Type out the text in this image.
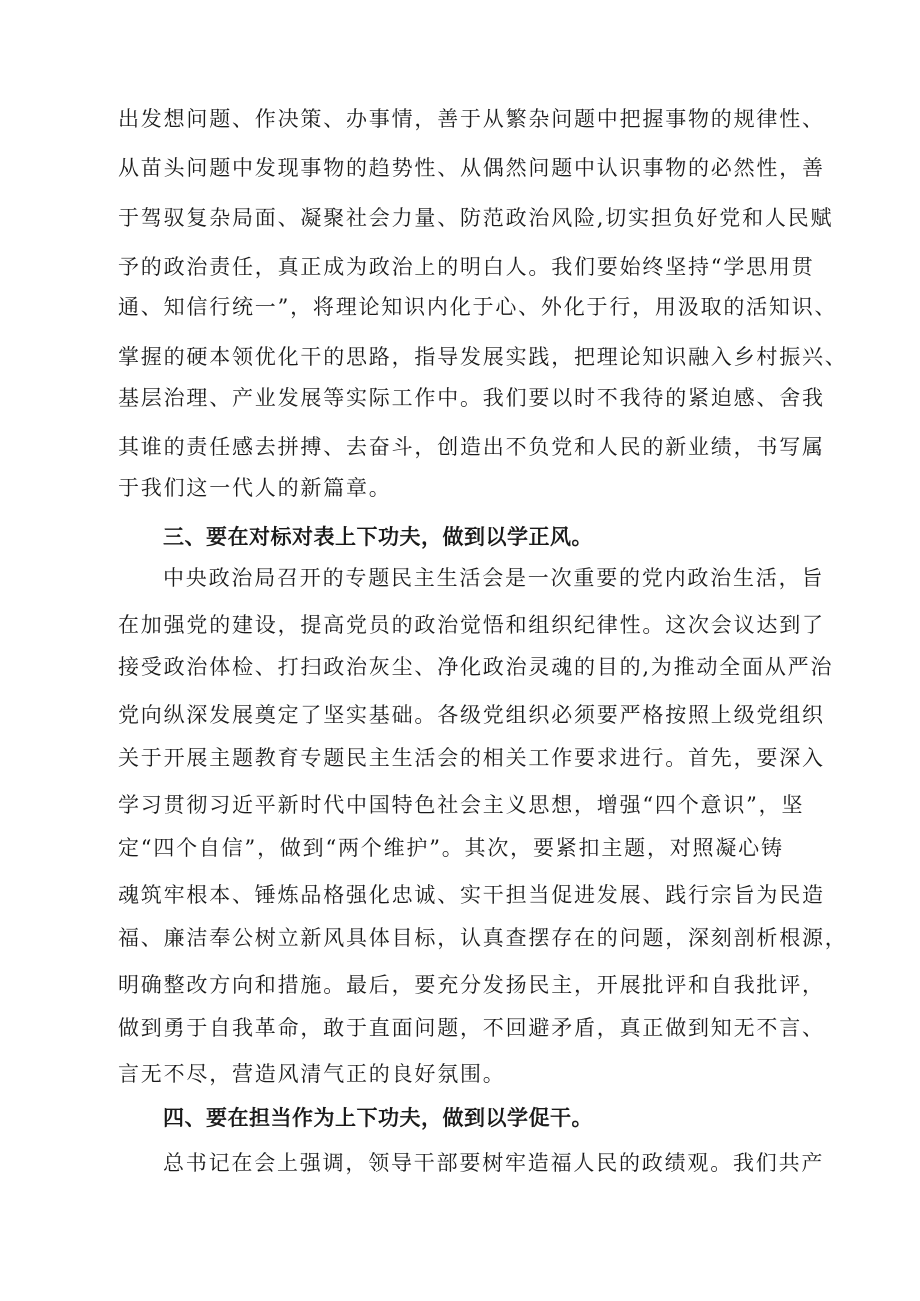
出发想问题、作决策、办事情，善于从繁杂问题中把握事物的规律性、
从苗头问题中发现事物的趋势性、从偶然问题中认识事物的必然性，善
于驾驭复杂局面、凝聚社会力量、防范政治风险,切实担负好党和人民赋
予的政治责任，真正成为政治上的明白人。我们要始终坚持“学思用贯
通、知信行统一”，将理论知识内化于心、外化于行，用汲取的活知识、
掌握的硬本领优化干的思路，指导发展实践，把理论知识融入乡村振兴、
基层治理、产业发展等实际工作中。我们要以时不我待的紧迫感、舍我
其谁的责任感去拼搏、去奋斗，创造出不负党和人民的新业绩，书写属
于我们这一代人的新篇章。
三、要在对标对表上下功夫，做到以学正风。
中央政治局召开的专题民主生活会是一次重要的党内政治生活，旨
在加强党的建设，提高党员的政治觉悟和组织纪律性。这次会议达到了
接受政治体检、打扫政治灰尘、净化政治灵魂的目的,为推动全面从严治
党向纵深发展奠定了坚实基础。各级党组织必须要严格按照上级党组织
关于开展主题教育专题民主生活会的相关工作要求进行。首先，要深入
学习贯彻习近平新时代中国特色社会主义思想，增强“四个意识”，坚
定“四个自信”，做到“两个维护”。其次，要紧扣主题，对照凝心铸
魂筑牢根本、锤炼品格强化忠诚、实干担当促进发展、践行宗旨为民造
福、廉洁奉公树立新风具体目标，认真查摆存在的问题，深刻剖析根源，
明确整改方向和措施。最后，要充分发扬民主，开展批评和自我批评，
做到勇于自我革命，敢于直面问题，不回避矛盾，真正做到知无不言、
言无不尽，营造风清气正的良好氛围。
四、要在担当作为上下功夫，做到以学促干。
总书记在会上强调，领导干部要树牢造福人民的政绩观。我们共产
